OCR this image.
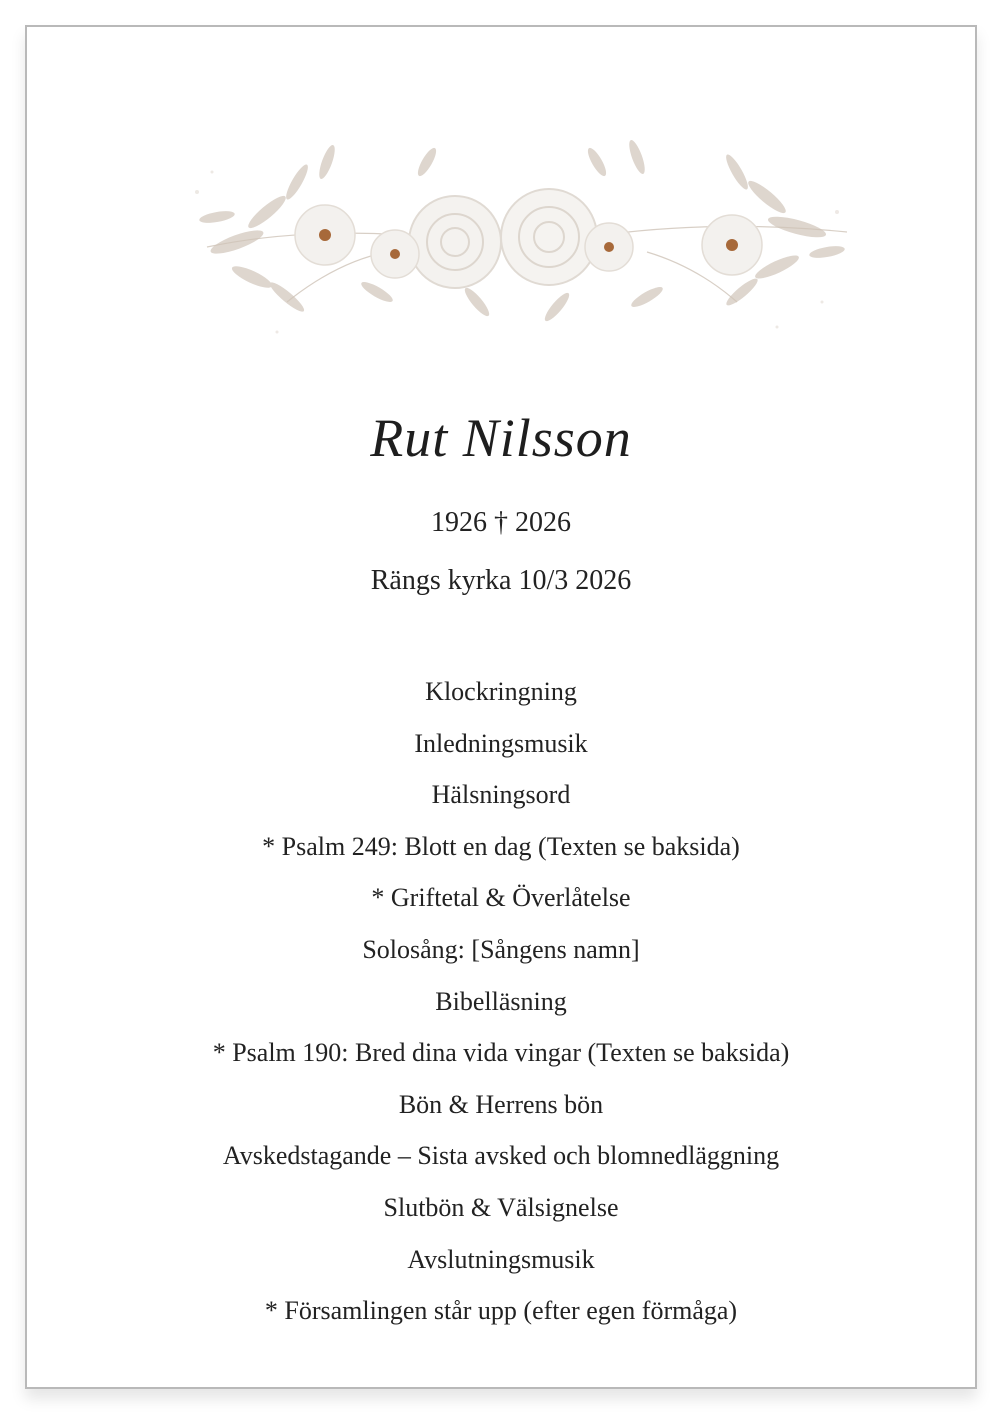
Rut Nilsson
1926 † 2026
Rängs kyrka 10/3 2026
Klockringning
Inledningsmusik
Hälsningsord
* Psalm 249: Blott en dag (Texten se baksida)
* Griftetal & Överlåtelse
Solosång: [Sångens namn]
Bibelläsning
* Psalm 190: Bred dina vida vingar (Texten se baksida)
Bön & Herrens bön
Avskedstagande – Sista avsked och blomnedläggning
Slutbön & Välsignelse
Avslutningsmusik
* Församlingen står upp (efter egen förmåga)
